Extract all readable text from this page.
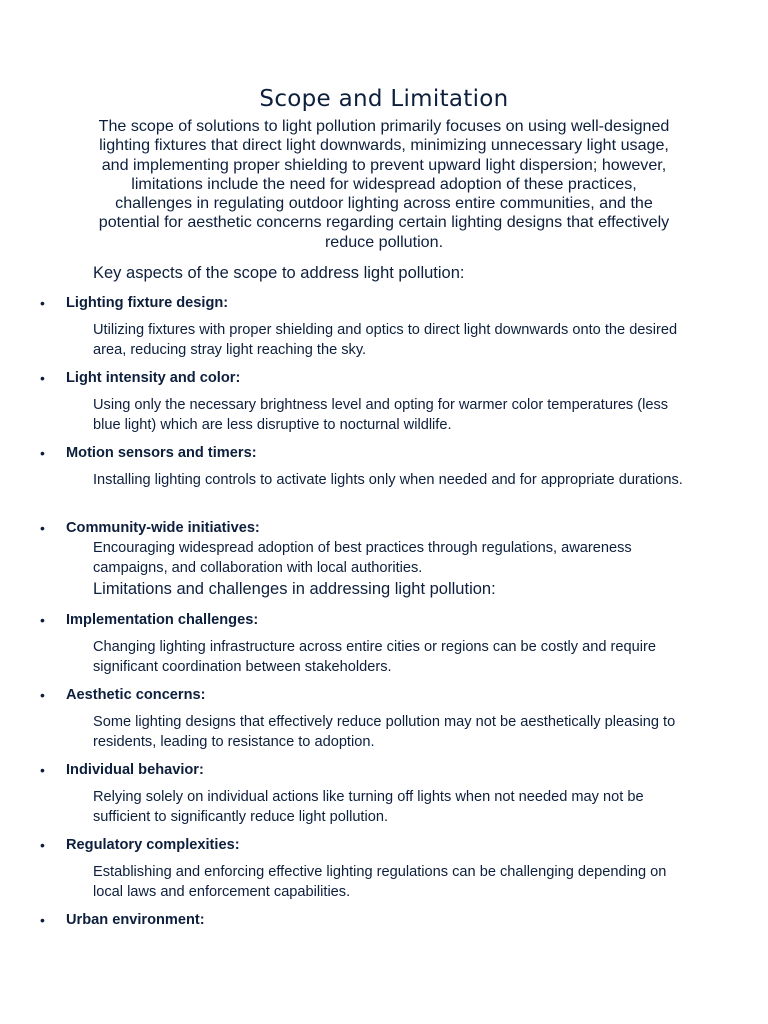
Scope and Limitation
The scope of solutions to light pollution primarily focuses on using well-designed lighting fixtures that direct light downwards, minimizing unnecessary light usage, and implementing proper shielding to prevent upward light dispersion; however, limitations include the need for widespread adoption of these practices, challenges in regulating outdoor lighting across entire communities, and the potential for aesthetic concerns regarding certain lighting designs that effectively reduce pollution.
Key aspects of the scope to address light pollution:
• Lighting fixture design:
Utilizing fixtures with proper shielding and optics to direct light downwards onto the desired area, reducing stray light reaching the sky.
• Light intensity and color:
Using only the necessary brightness level and opting for warmer color temperatures (less blue light) which are less disruptive to nocturnal wildlife.
• Motion sensors and timers:
Installing lighting controls to activate lights only when needed and for appropriate durations.
• Community-wide initiatives:
Encouraging widespread adoption of best practices through regulations, awareness campaigns, and collaboration with local authorities.
Limitations and challenges in addressing light pollution:
• Implementation challenges:
Changing lighting infrastructure across entire cities or regions can be costly and require significant coordination between stakeholders.
• Aesthetic concerns:
Some lighting designs that effectively reduce pollution may not be aesthetically pleasing to residents, leading to resistance to adoption.
• Individual behavior:
Relying solely on individual actions like turning off lights when not needed may not be sufficient to significantly reduce light pollution.
• Regulatory complexities:
Establishing and enforcing effective lighting regulations can be challenging depending on local laws and enforcement capabilities.
• Urban environment:
